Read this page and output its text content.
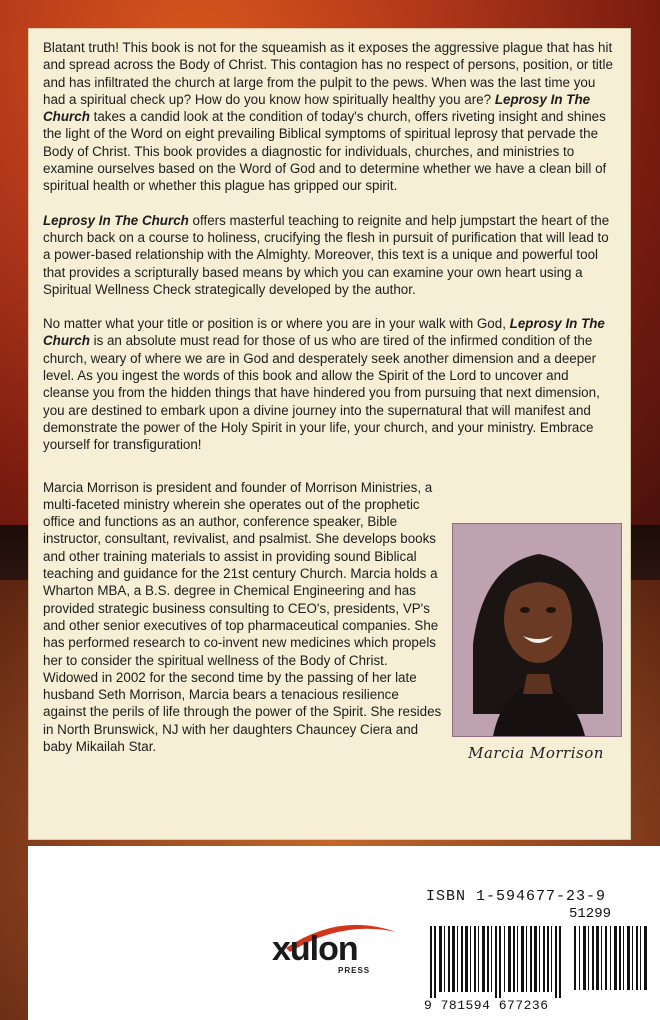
Blatant truth! This book is not for the squeamish as it exposes the aggressive plague that has hit and spread across the Body of Christ. This contagion has no respect of persons, position, or title and has infiltrated the church at large from the pulpit to the pews. When was the last time you had a spiritual check up? How do you know how spiritually healthy you are? Leprosy In The Church takes a candid look at the condition of today's church, offers riveting insight and shines the light of the Word on eight prevailing Biblical symptoms of spiritual leprosy that pervade the Body of Christ. This book provides a diagnostic for individuals, churches, and ministries to examine ourselves based on the Word of God and to determine whether we have a clean bill of spiritual health or whether this plague has gripped our spirit.

Leprosy In The Church offers masterful teaching to reignite and help jumpstart the heart of the church back on a course to holiness, crucifying the flesh in pursuit of purification that will lead to a power-based relationship with the Almighty. Moreover, this text is a unique and powerful tool that provides a scripturally based means by which you can examine your own heart using a Spiritual Wellness Check strategically developed by the author.

No matter what your title or position is or where you are in your walk with God, Leprosy In The Church is an absolute must read for those of us who are tired of the infirmed condition of the church, weary of where we are in God and desperately seek another dimension and a deeper level. As you ingest the words of this book and allow the Spirit of the Lord to uncover and cleanse you from the hidden things that have hindered you from pursuing that next dimension, you are destined to embark upon a divine journey into the supernatural that will manifest and demonstrate the power of the Holy Spirit in your life, your church, and your ministry. Embrace yourself for transfiguration!

Marcia Morrison
Marcia Morrison is president and founder of Morrison Ministries, a multi-faceted ministry wherein she operates out of the prophetic office and functions as an author, conference speaker, Bible instructor, consultant, revivalist, and psalmist. She develops books and other training materials to assist in providing sound Biblical teaching and guidance for the 21st century Church. Marcia holds a Wharton MBA, a B.S. degree in Chemical Engineering and has provided strategic business consulting to CEO's, presidents, VP's and other senior executives of top pharmaceutical companies. She has performed research to co-invent new medicines which propels her to consider the spiritual wellness of the Body of Christ. Widowed in 2002 for the second time by the passing of her late husband Seth Morrison, Marcia bears a tenacious resilience against the perils of life through the power of the Spirit. She resides in North Brunswick, NJ with her daughters Chauncey Ciera and baby Mikailah Star.

xulon
PRESS
ISBN 1-594677-23-9
51299
9 781594 677236
